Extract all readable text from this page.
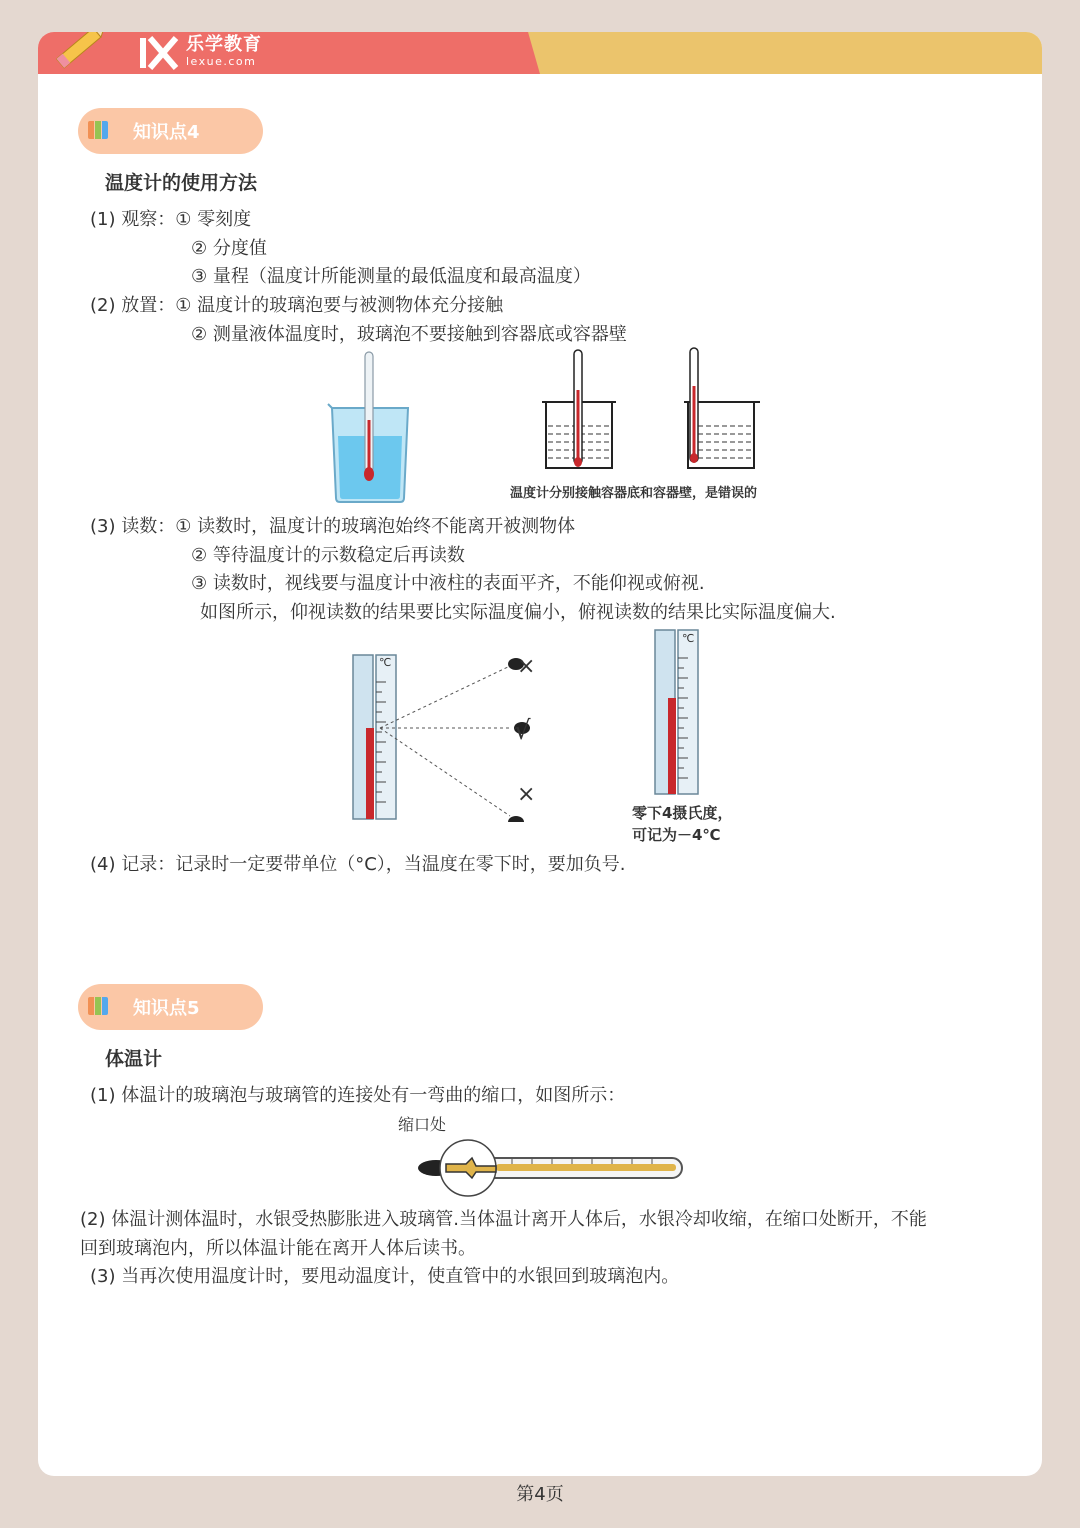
乐学教育
lexue.com
知识点4
温度计的使用方法
(1) 观察：① 零刻度
② 分度值
③ 量程（温度计所能测量的最低温度和最高温度）
(2) 放置：① 温度计的玻璃泡要与被测物体充分接触
② 测量液体温度时，玻璃泡不要接触到容器底或容器壁
温度计分别接触容器底和容器壁，是错误的
(3) 读数：① 读数时，温度计的玻璃泡始终不能离开被测物体
② 等待温度计的示数稳定后再读数
③ 读数时，视线要与温度计中液柱的表面平齐，不能仰视或俯视.
如图所示，仰视读数的结果要比实际温度偏小，俯视读数的结果比实际温度偏大.
℃	×
√
×
℃
零下4摄氏度，
可记为－4℃
(4) 记录：记录时一定要带单位（°C），当温度在零下时，要加负号.
知识点5
体温计
(1) 体温计的玻璃泡与玻璃管的连接处有一弯曲的缩口，如图所示：
缩口处
(2) 体温计测体温时，水银受热膨胀进入玻璃管.当体温计离开人体后，水银冷却收缩，在缩口处断开，不能
回到玻璃泡内，所以体温计能在离开人体后读书。
(3) 当再次使用温度计时，要甩动温度计，使直管中的水银回到玻璃泡内。
第4页
